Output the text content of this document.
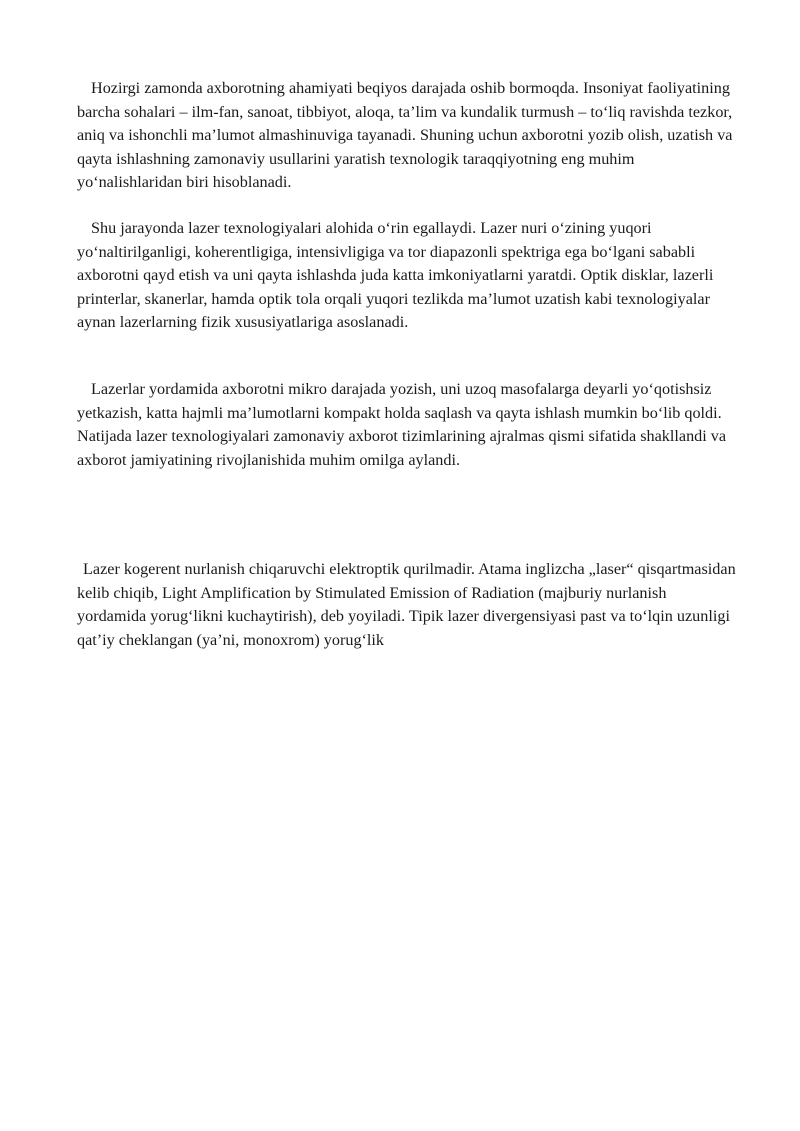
Hozirgi zamonda axborotning ahamiyati beqiyos darajada oshib bormoqda. Insoniyat faoliyatining barcha sohalari – ilm-fan, sanoat, tibbiyot, aloqa, ta’lim va kundalik turmush – to‘liq ravishda tezkor, aniq va ishonchli ma’lumot almashinuviga tayanadi. Shuning uchun axborotni yozib olish, uzatish va qayta ishlashning zamonaviy usullarini yaratish texnologik taraqqiyotning eng muhim yo‘nalishlaridan biri hisoblanadi.

Shu jarayonda lazer texnologiyalari alohida o‘rin egallaydi. Lazer nuri o‘zining yuqori yo‘naltirilganligi, koherentligiga, intensivligiga va tor diapazonli spektriga ega bo‘lgani sababli axborotni qayd etish va uni qayta ishlashda juda katta imkoniyatlarni yaratdi. Optik disklar, lazerli printerlar, skanerlar, hamda optik tola orqali yuqori tezlikda ma’lumot uzatish kabi texnologiyalar aynan lazerlarning fizik xususiyatlariga asoslanadi.

Lazerlar yordamida axborotni mikro darajada yozish, uni uzoq masofalarga deyarli yo‘qotishsiz yetkazish, katta hajmli ma’lumotlarni kompakt holda saqlash va qayta ishlash mumkin bo‘lib qoldi. Natijada lazer texnologiyalari zamonaviy axborot tizimlarining ajralmas qismi sifatida shakllandi va axborot jamiyatining rivojlanishida muhim omilga aylandi.

Lazer kogerent nurlanish chiqaruvchi elektroptik qurilmadir. Atama inglizcha „laser“ qisqartmasidan kelib chiqib, Light Amplification by Stimulated Emission of Radiation (majburiy nurlanish yordamida yorug‘likni kuchaytirish), deb yoyiladi. Tipik lazer divergensiyasi past va to‘lqin uzunligi qat’iy cheklangan (ya’ni, monoxrom) yorug‘lik
